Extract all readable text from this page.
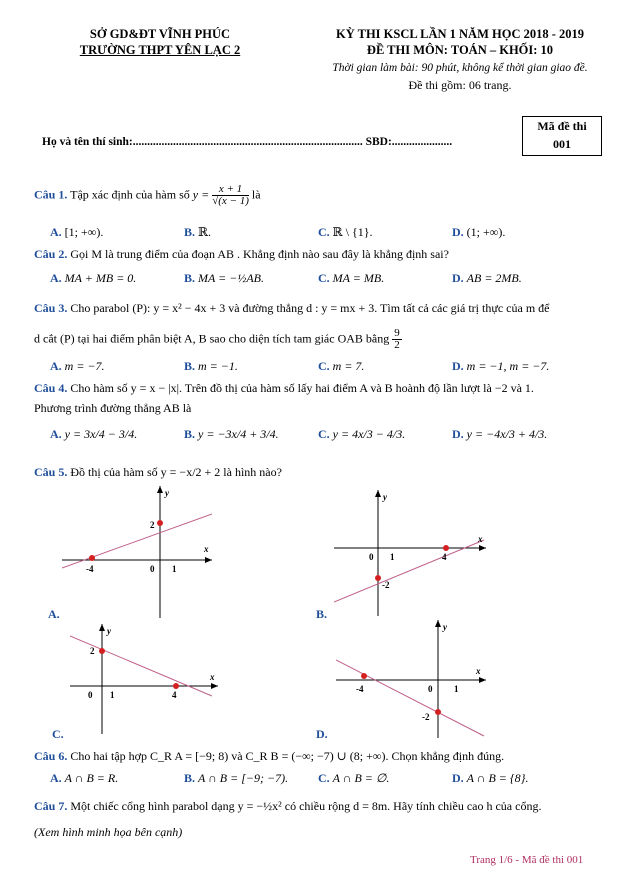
SỞ GD&ĐT VĨNH PHÚC
TRƯỜNG THPT YÊN LẠC 2
KỲ THI KSCL LẦN 1 NĂM HỌC 2018 - 2019
ĐỀ THI MÔN: TOÁN – KHỐI: 10
Thời gian làm bài: 90 phút, không kể thời gian giao đề.
Đề thi gồm: 06 trang.
Mã đề thi
001
Họ và tên thí sinh:................................................................................ SBD:.....................
Câu 1. Tập xác định của hàm số $y = \frac{x + 1}{√(x - 1)}$ là
A. [1; +∞).	B. ℝ.	C. ℝ \ {1}.	D. (1; +∞).
Câu 2. Gọi M là trung điểm của đoạn AB . Khẳng định nào sau đây là khẳng định sai?
A. MA + MB = 0.	B. MA = −½AB.	C. MA = MB.	D. AB = 2MB.
Câu 3. Cho parabol (P): y = x² − 4x + 3 và đường thẳng d : y = mx + 3. Tìm tất cả các giá trị thực của m để
d cắt (P) tại hai điểm phân biệt A, B sao cho diện tích tam giác OAB bằng $\frac{9}{2}$
A. m = −7.	B. m = −1.	C. m = 7.	D. m = −1, m = −7.
Câu 4. Cho hàm số y = x − |x|. Trên đồ thị của hàm số lấy hai điểm A và B hoành độ lần lượt là −2 và 1.
Phương trình đường thẳng AB là
A. y = 3x/4 − 3/4.	B. y = −3x/4 + 3/4.	C. y = 4x/3 − 4/3.	D. y = −4x/3 + 4/3.
Câu 5. Đồ thị của hàm số y = −x/2 + 2 là hình nào?
-4	0 1
2
x
y
A.
0 1	4
-2
x
y
B.
0 1	4
2
x
y
C.
-4	0 1
-2
x
y
D.
Câu 6. Cho hai tập hợp C_R A = [−9; 8) và C_R B = (−∞; −7) ∪ (8; +∞). Chọn khẳng định đúng.
A. A ∩ B = R.	B. A ∩ B = [−9; −7). C. A ∩ B = ∅.	D. A ∩ B = {8}.
Câu 7. Một chiếc cổng hình parabol dạng y = −½x² có chiều rộng d = 8m. Hãy tính chiều cao h của cổng.
(Xem hình minh họa bên cạnh)
Trang 1/6 - Mã đề thi 001
